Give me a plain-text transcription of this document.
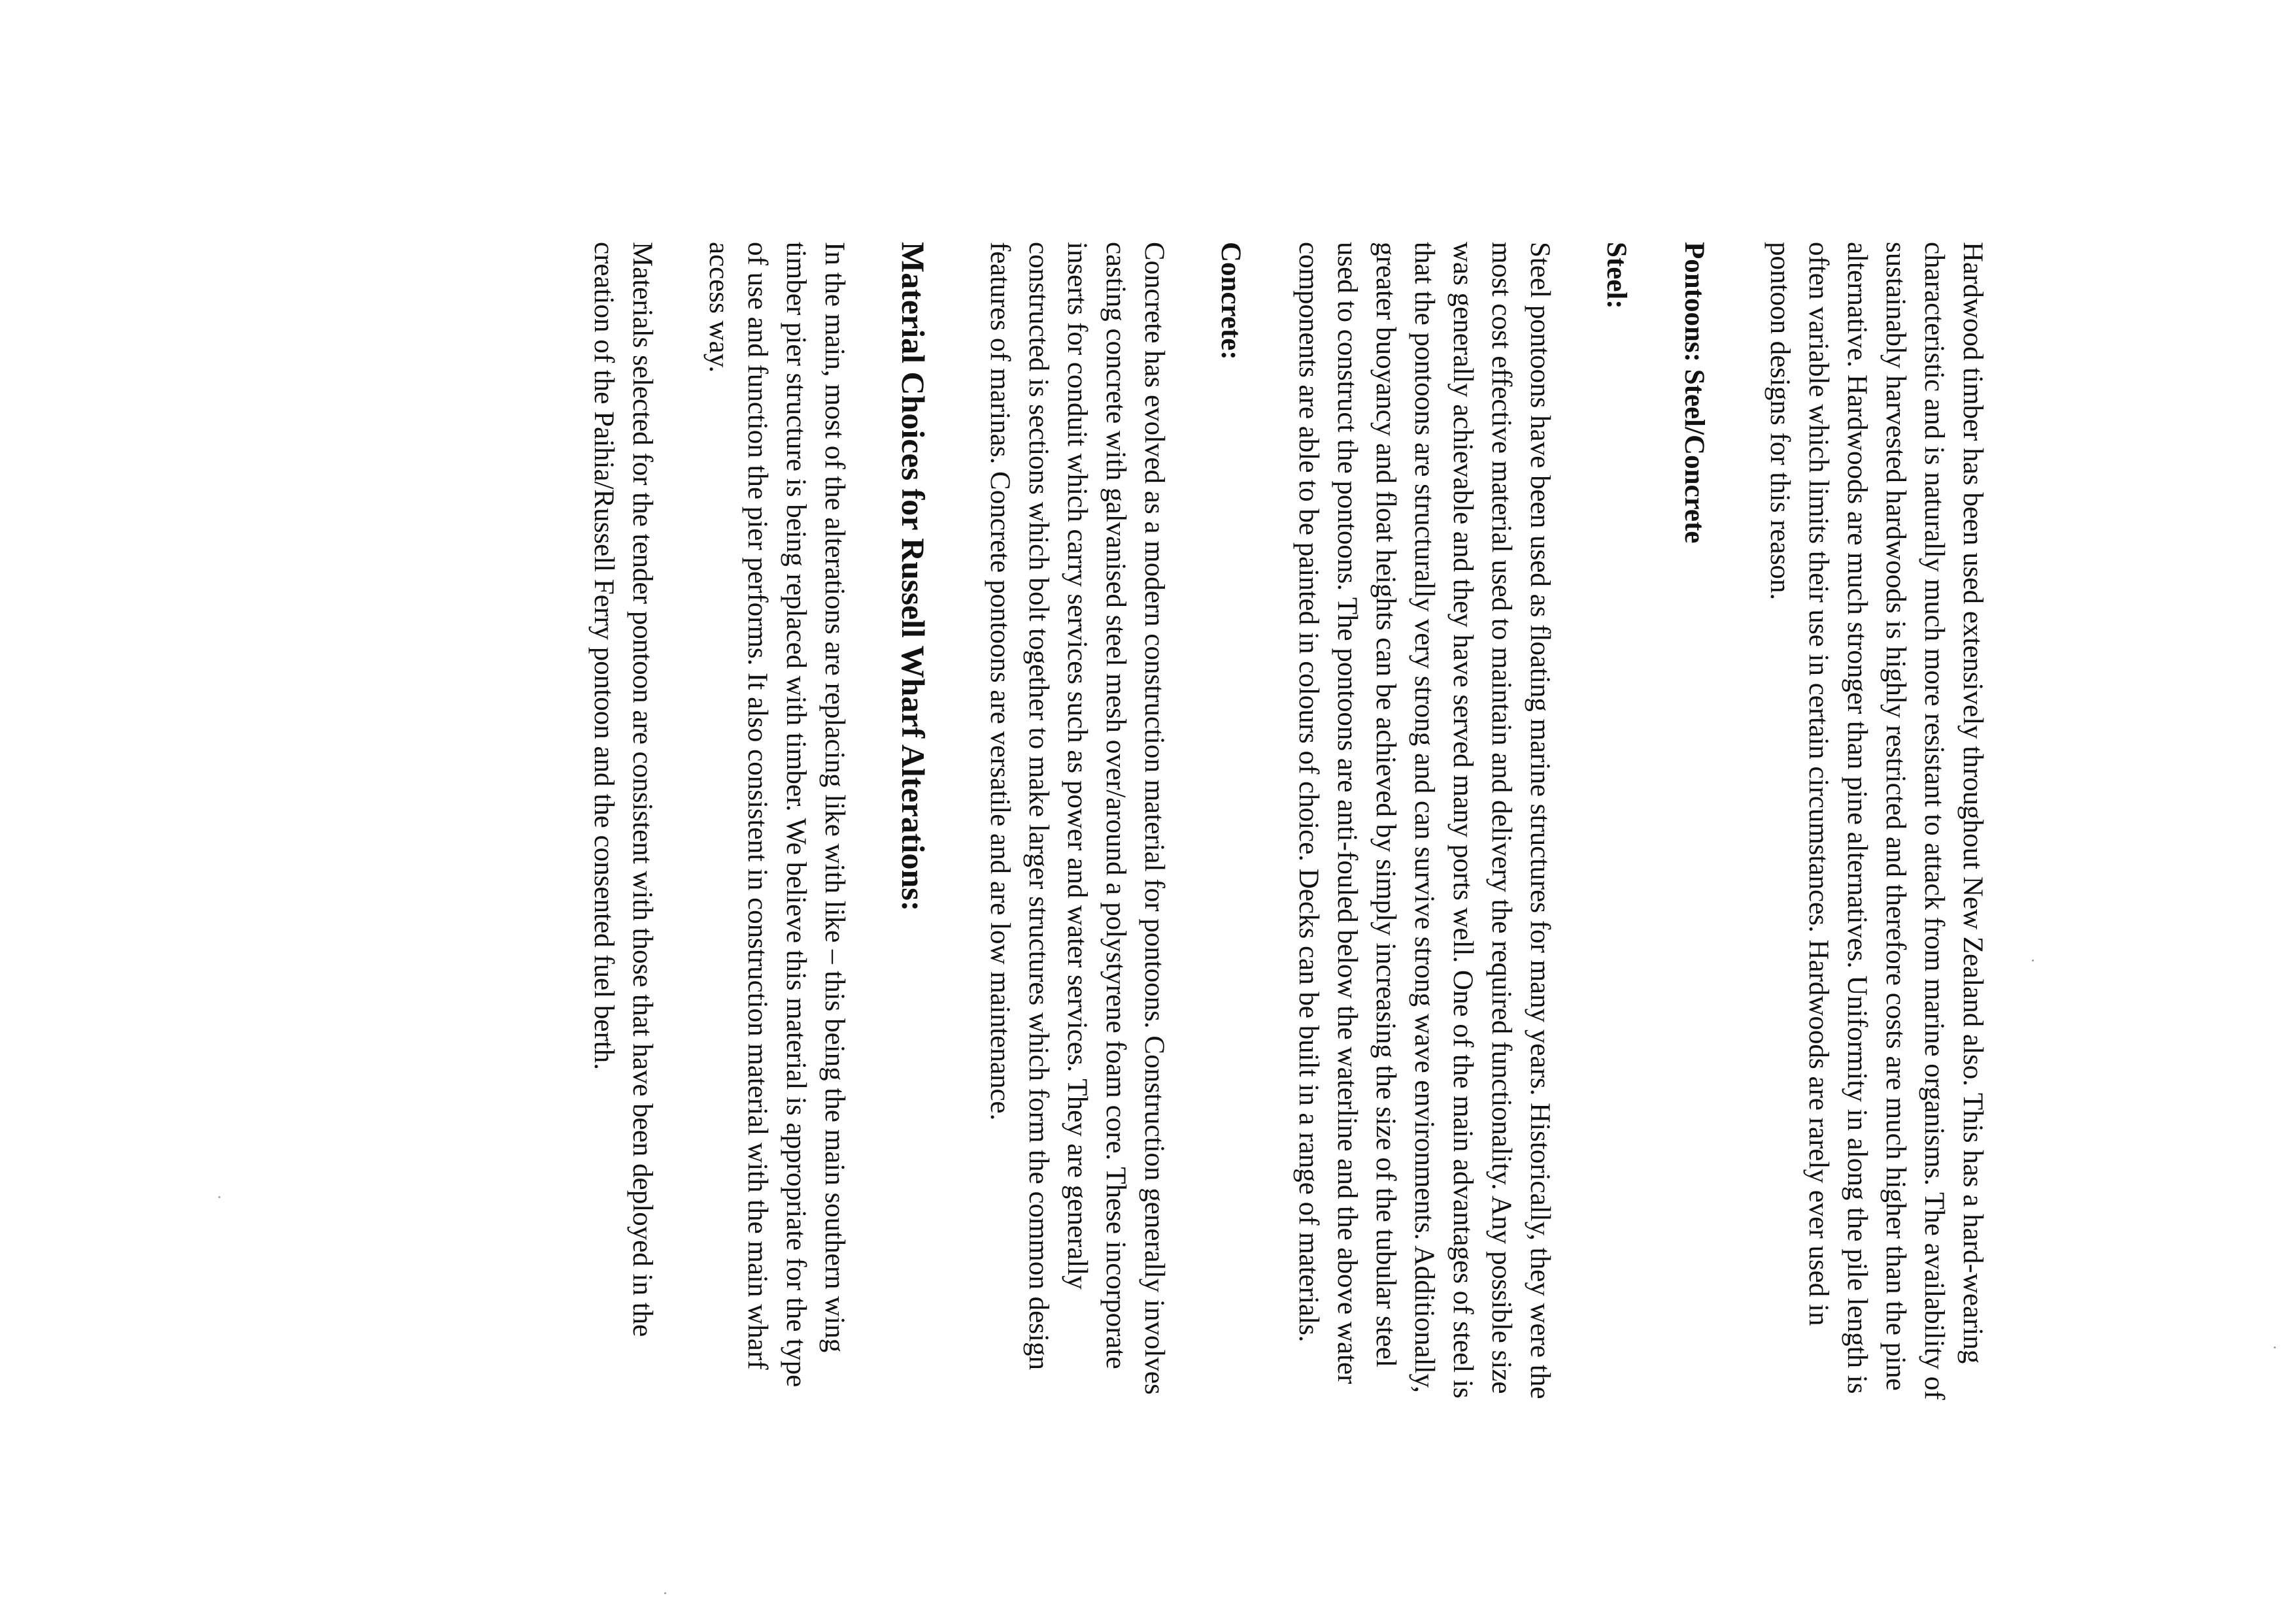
Hardwood timber has been used extensively throughout New Zealand also. This has a hard-wearing characteristic and is naturally much more resistant to attack from marine organisms. The availability of sustainably harvested hardwoods is highly restricted and therefore costs are much higher than the pine alternative. Hardwoods are much stronger than pine alternatives. Uniformity in along the pile length is often variable which limits their use in certain circumstances. Hardwoods are rarely ever used in pontoon designs for this reason.

Pontoons: Steel/Concrete

Steel:

Steel pontoons have been used as floating marine structures for many years. Historically, they were the most cost effective material used to maintain and delivery the required functionality. Any possible size was generally achievable and they have served many ports well. One of the main advantages of steel is that the pontoons are structurally very strong and can survive strong wave environments. Additionally, greater buoyancy and float heights can be achieved by simply increasing the size of the tubular steel used to construct the pontoons. The pontoons are anti-fouled below the waterline and the above water components are able to be painted in colours of choice. Decks can be built in a range of materials.

Concrete:

Concrete has evolved as a modern construction material for pontoons. Construction generally involves casting concrete with galvanised steel mesh over/around a polystyrene foam core. These incorporate inserts for conduit which carry services such as power and water services. They are generally constructed is sections which bolt together to make larger structures which form the common design features of marinas. Concrete pontoons are versatile and are low maintenance.

Material Choices for Russell Wharf Alterations:

In the main, most of the alterations are replacing like with like – this being the main southern wing timber pier structure is being replaced with timber. We believe this material is appropriate for the type of use and function the pier performs. It also consistent in construction material with the main wharf access way.

Materials selected for the tender pontoon are consistent with those that have been deployed in the creation of the Paihia/Russell Ferry pontoon and the consented fuel berth.
